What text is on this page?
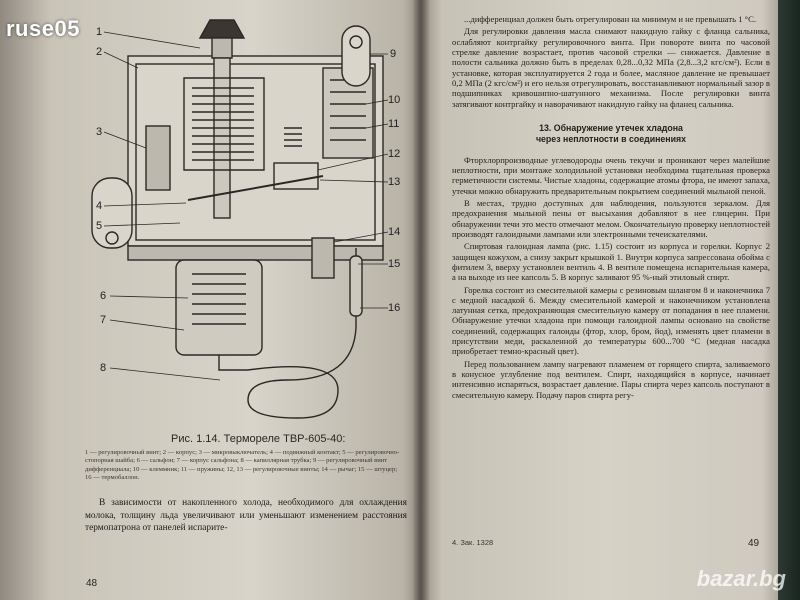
1
2
3
4
5
6
7
8
9
10
11
12
13
14
15
16
Рис. 1.14. Терморелe ТВР-605-40:
1 — регулировочный винт; 2 — корпус; 3 — микровыключатель; 4 — подвижный контакт; 5 — регулировочно-стопорная шайба; 6 — сальфон; 7 — корпус сальфона; 8 — капиллярная трубка; 9 — регулировочный винт дифференциала; 10 — клеммник; 11 — пружины; 12, 13 — регулировочные винты; 14 — рычаг; 15 — штуцер; 16 — термобаллон.

В зависимости от накопленного холода, необходимого для охлаждения молока, толщину льда увеличивают или уменьшают изменением расстояния термопатрона от панелей испаритe-

48

...дифференциал должен быть отрегулирован на минимум и не превышать 1 °С.

Для регулировки давления масла снимают накидную гайку с фланца сальника, ослабляют контргайку регулировочного винта. При повороте винта по часовой стрелке давление возрастает, против часовой стрелки — снижается. Давление в полости сальника должно быть в пределах 0,28...0,32 МПа (2,8...3,2 кгс/см²). Если в установке, которая эксплуатируется 2 года и более, масляное давление не превышает 0,2 МПа (2 кгс/см²) и его нельзя отрегулировать, восстанавливают нормальный зазор в подшипниках кривошипно-шатунного механизма. После регулировки винта затягивают контргайку и наворачивают накидную гайку на фланец сальника.

13. Обнаружение утечек хладона
через неплотности в соединениях

Фторхлорпроизводные углеводороды очень текучи и проникают через малейшие неплотности, при монтаже холодильной установки необходима тщательная проверка герметичности системы. Чистые хладоны, содержащие атомы фтора, не имеют запаха, утечки можно обнаружить предварительным покрытием соединений мыльной пеной.

В местах, трудно доступных для наблюдения, пользуются зеркалом. Для предохранения мыльной пены от высыхания добавляют в нее глицерин. При обнаружении течи это место отмечают мелом. Окончательную проверку неплотностей производят галоидными лампами или электронными течеискателями.

Спиртовая галоидная лампа (рис. 1.15) состоит из корпуса и горелки. Корпус 2 защищен кожухом, а снизу закрыт крышкой 1. Внутри корпуса запрессована обойма с фитилем 3, вверху установлен вентиль 4. В вентиле помещена испарительная камера, а на выходе из нее капсоль 5. В корпус заливают 95 %-ный этиловый спирт.

Горелка состоит из смесительной камеры с резиновым шлангом 8 и наконечника 7 с медной насадкой 6. Между смесительной камерой и наконечником установлена латунная сетка, предохраняющая смесительную камеру от попадания в нее пламени. Обнаружение утечки хладона при помощи галоидной лампы основано на свойстве соединений, содержащих галоиды (фтор, хлор, бром, йод), изменять цвет пламени в присутствии меди, раскаленной до температуры 600...700 °С (медная насадка приобретает темно-красный цвет).

Перед пользованием лампу нагревают пламенем от горящего спирта, заливаемого в конусное углубление под вентилем. Спирт, находящийся в корпусе, начинает интенсивно испаряться, возрастает давление. Пары спирта через капсоль поступают в смесительную камеру. Подачу паров спирта регу-

4. Зак. 1328	49
ruse05
bazar.bg
